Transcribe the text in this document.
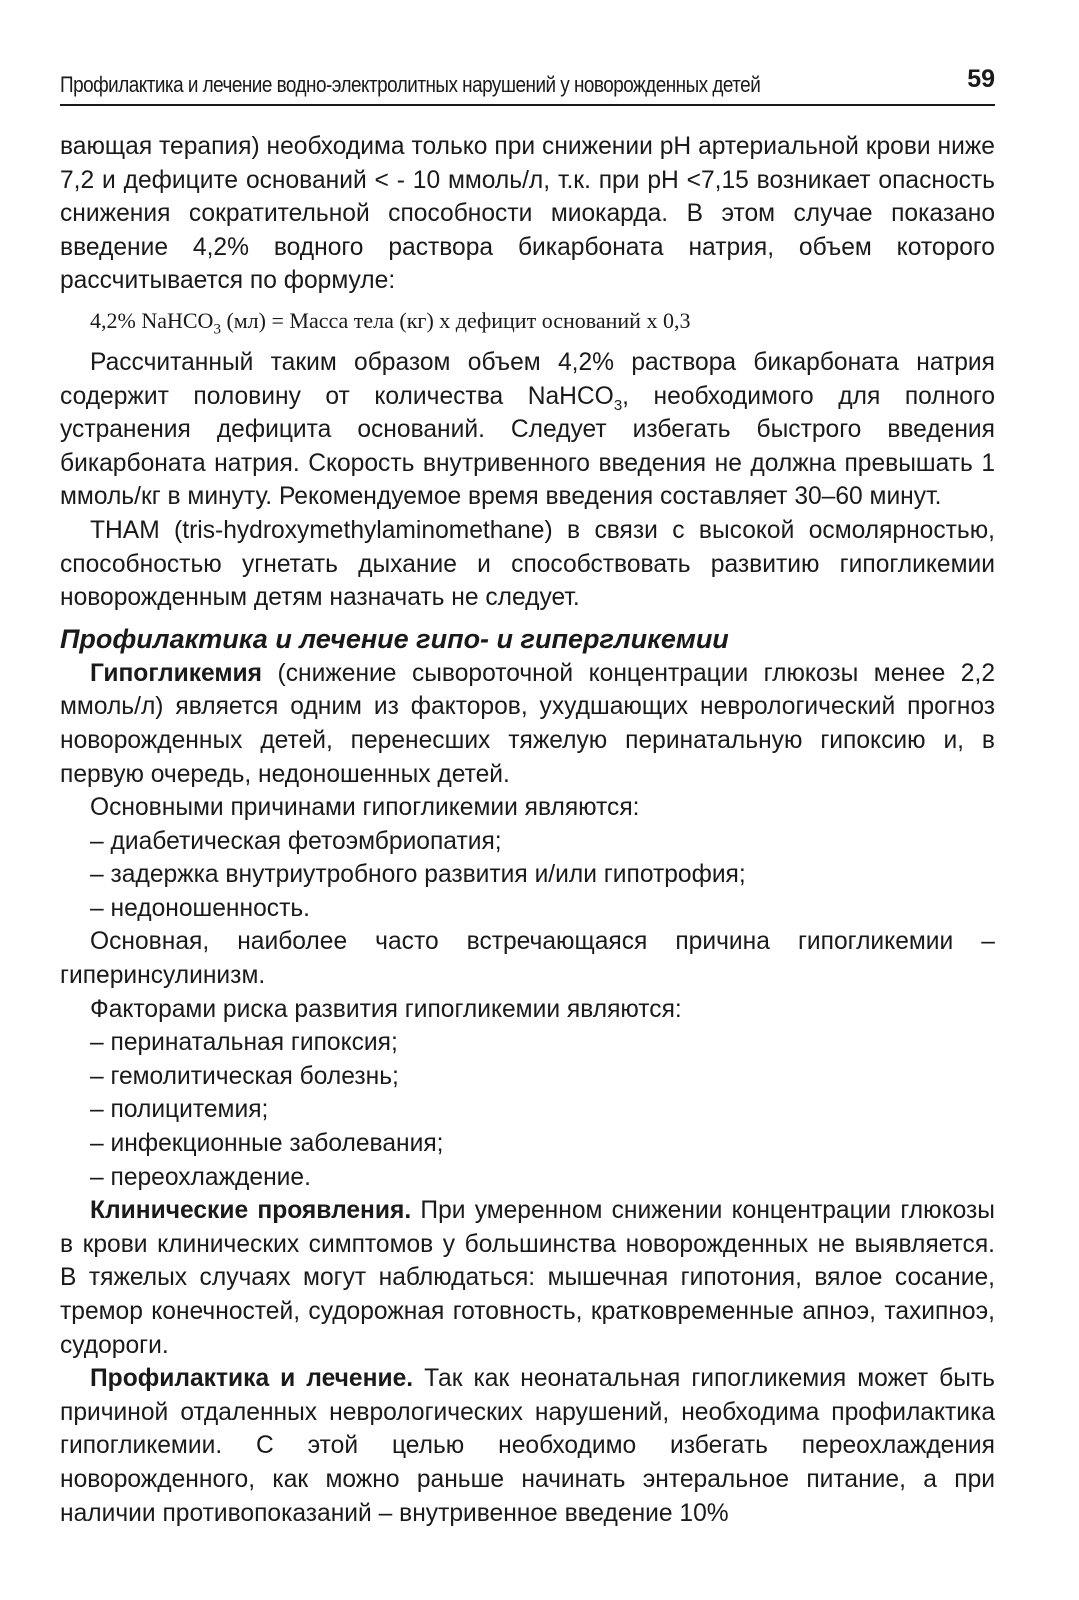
Профилактика и лечение водно-электролитных нарушений у новорожденных детей	59

вающая терапия) необходима только при снижении pH артериальной крови ниже 7,2 и дефиците оснований < - 10 ммоль/л, т.к. при pH <7,15 возникает опасность снижения сократительной способности миокарда. В этом случае показано введение 4,2% водного раствора бикарбоната натрия, объем которого рассчитывается по формуле:

4,2% NaHCO$_3$ (мл) = Масса тела (кг) х дефицит оснований х 0,3

Рассчитанный таким образом объем 4,2% раствора бикарбоната натрия содержит половину от количества NaHCO$_3$, необходимого для полного устранения дефицита оснований. Следует избегать быстрого введения бикарбоната натрия. Скорость внутривенного введения не должна превышать 1 ммоль/кг в минуту. Рекомендуемое время введения составляет 30–60 минут.

THAM (tris-hydroxymethylaminomethane) в связи с высокой осмолярностью, способностью угнетать дыхание и способствовать развитию гипогликемии новорожденным детям назначать не следует.

Профилактика и лечение гипо- и гипергликемии

Гипогликемия (снижение сывороточной концентрации глюкозы менее 2,2 ммоль/л) является одним из факторов, ухудшающих неврологический прогноз новорожденных детей, перенесших тяжелую перинатальную гипоксию и, в первую очередь, недоношенных детей.

Основными причинами гипогликемии являются:

– диабетическая фетоэмбриопатия;
– задержка внутриутробного развития и/или гипотрофия;
– недоношенность.

Основная, наиболее часто встречающаяся причина гипогликемии – гиперинсулинизм.

Факторами риска развития гипогликемии являются:

– перинатальная гипоксия;
– гемолитическая болезнь;
– полицитемия;
– инфекционные заболевания;
– переохлаждение.

Клинические проявления. При умеренном снижении концентрации глюкозы в крови клинических симптомов у большинства новорожденных не выявляется. В тяжелых случаях могут наблюдаться: мышечная гипотония, вялое сосание, тремор конечностей, судорожная готовность, кратковременные апноэ, тахипноэ, судороги.

Профилактика и лечение. Так как неонатальная гипогликемия может быть причиной отдаленных неврологических нарушений, необходима профилактика гипогликемии. С этой целью необходимо избегать переохлаждения новорожденного, как можно раньше начинать энтеральное питание, а при наличии противопоказаний – внутривенное введение 10%
